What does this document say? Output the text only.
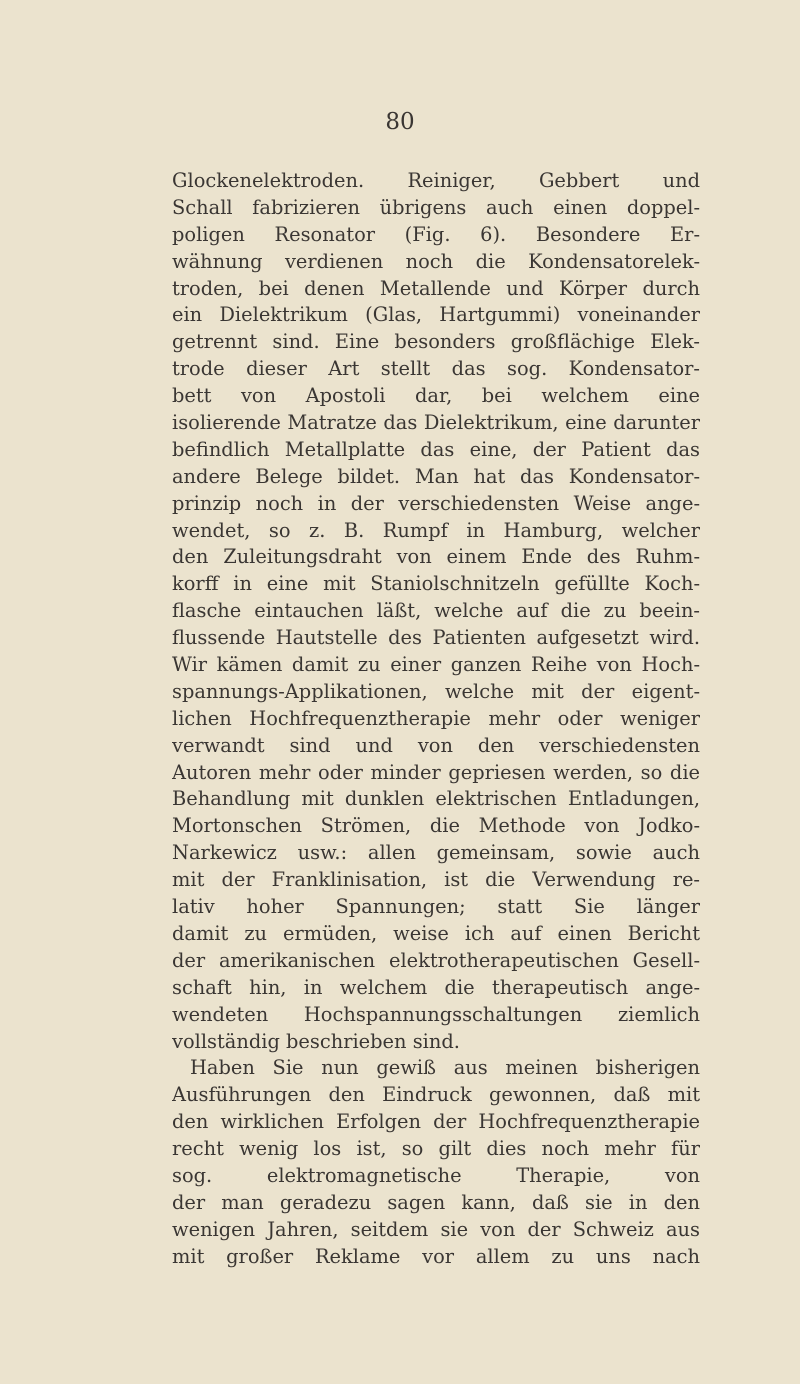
80
Glockenelektroden. Reiniger, Gebbert und
Schall fabrizieren übrigens auch einen doppel-
poligen Resonator (Fig. 6). Besondere Er-
wähnung verdienen noch die Kondensatorelek-
troden, bei denen Metallende und Körper durch
ein Dielektrikum (Glas, Hartgummi) voneinander
getrennt sind. Eine besonders großflächige Elek-
trode dieser Art stellt das sog. Kondensator-
bett von Apostoli dar, bei welchem eine
isolierende Matratze das Dielektrikum, eine darunter
befindlich Metallplatte das eine, der Patient das
andere Belege bildet. Man hat das Kondensator-
prinzip noch in der verschiedensten Weise ange-
wendet, so z. B. Rumpf in Hamburg, welcher
den Zuleitungsdraht von einem Ende des Ruhm-
korff in eine mit Staniolschnitzeln gefüllte Koch-
flasche eintauchen läßt, welche auf die zu beein-
flussende Hautstelle des Patienten aufgesetzt wird.
Wir kämen damit zu einer ganzen Reihe von Hoch-
spannungs-Applikationen, welche mit der eigent-
lichen Hochfrequenztherapie mehr oder weniger
verwandt sind und von den verschiedensten
Autoren mehr oder minder gepriesen werden, so die
Behandlung mit dunklen elektrischen Entladungen,
Mortonschen Strömen, die Methode von Jodko-
Narkewicz usw.: allen gemeinsam, sowie auch
mit der Franklinisation, ist die Verwendung re-
lativ hoher Spannungen; statt Sie länger
damit zu ermüden, weise ich auf einen Bericht
der amerikanischen elektrotherapeutischen Gesell-
schaft hin, in welchem die therapeutisch ange-
wendeten Hochspannungsschaltungen ziemlich
vollständig beschrieben sind.
Haben Sie nun gewiß aus meinen bisherigen
Ausführungen den Eindruck gewonnen, daß mit
den wirklichen Erfolgen der Hochfrequenztherapie
recht wenig los ist, so gilt dies noch mehr für
sog. elektromagnetische Therapie, von
der man geradezu sagen kann, daß sie in den
wenigen Jahren, seitdem sie von der Schweiz aus
mit großer Reklame vor allem zu uns nach
